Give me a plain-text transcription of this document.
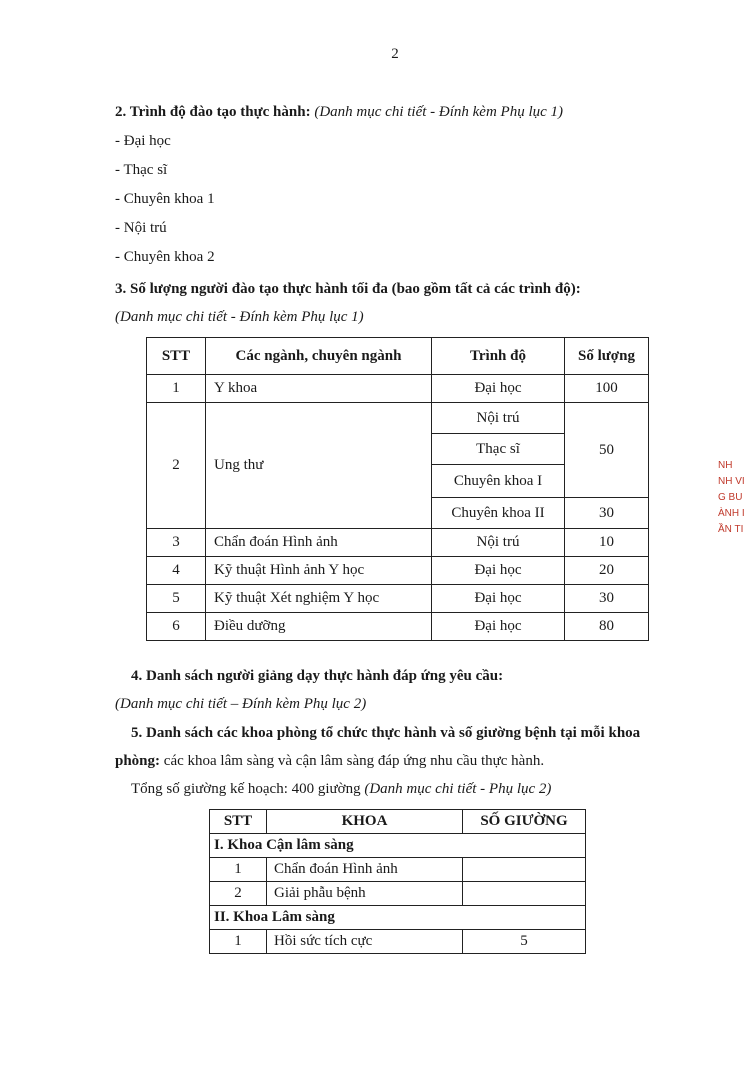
2
2. Trình độ đào tạo thực hành: (Danh mục chi tiết - Đính kèm Phụ lục 1)
- Đại học
- Thạc sĩ
- Chuyên khoa 1
- Nội trú
- Chuyên khoa 2
3. Số lượng người đào tạo thực hành tối đa (bao gồm tất cả các trình độ):
(Danh mục chi tiết - Đính kèm Phụ lục 1)
STT	Các ngành, chuyên ngành	Trình độ	Số lượng
1	Y khoa	Đại học	100
2	Ung thư	Nội trú	50
		Thạc sĩ	
		Chuyên khoa I	
		Chuyên khoa II	30
3	Chẩn đoán Hình ảnh	Nội trú	10
4	Kỹ thuật Hình ảnh Y học	Đại học	20
5	Kỹ thuật Xét nghiệm Y học	Đại học	30
6	Điều dưỡng	Đại học	80
4. Danh sách người giảng dạy thực hành đáp ứng yêu cầu:
(Danh mục chi tiết – Đính kèm Phụ lục 2)
5. Danh sách các khoa phòng tổ chức thực hành và số giường bệnh tại mỗi khoa
phòng: các khoa lâm sàng và cận lâm sàng đáp ứng nhu cầu thực hành.
Tổng số giường kế hoạch: 400 giường (Danh mục chi tiết - Phụ lục 2)
STT	KHOA	SỐ GIƯỜNG
I. Khoa Cận lâm sàng		
1	Chẩn đoán Hình ảnh	
2	Giải phẫu bệnh	
II. Khoa Lâm sàng		
1	Hồi sức tích cực	5
NH
NH VI
G BU
ÀNH I
ẦN TI
